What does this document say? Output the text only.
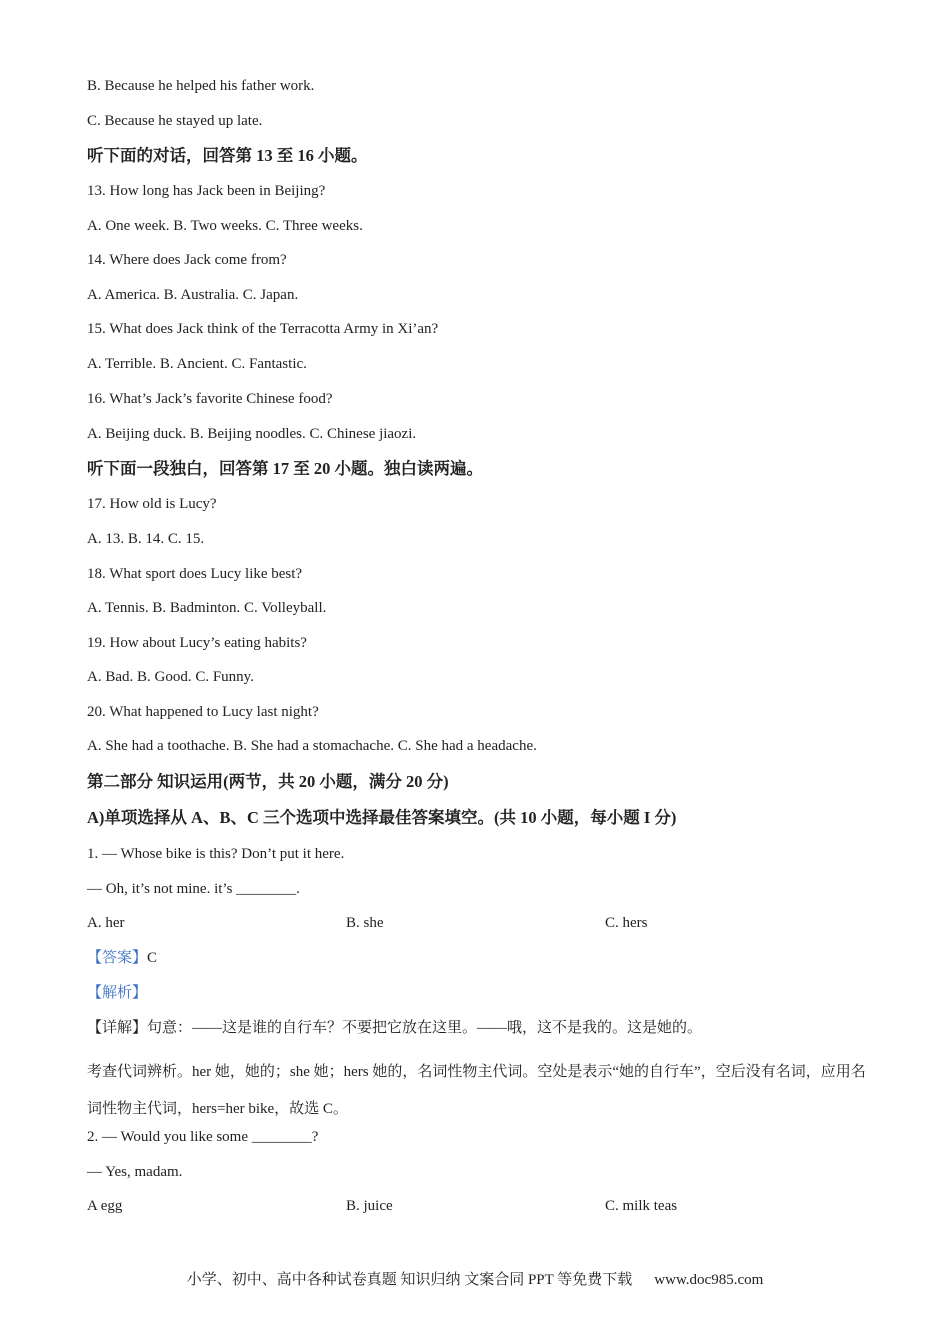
B. Because he helped his father work.
C. Because he stayed up late.
听下面的对话，回答第 13 至 16 小题。
13. How long has Jack been in Beijing?
A. One week. B. Two weeks. C. Three weeks.
14. Where does Jack come from?
A. America. B. Australia. C. Japan.
15. What does Jack think of the Terracotta Army in Xi’an?
A. Terrible. B. Ancient. C. Fantastic.
16. What’s Jack’s favorite Chinese food?
A. Beijing duck. B. Beijing noodles. C. Chinese jiaozi.
听下面一段独白，回答第 17 至 20 小题。独白读两遍。
17. How old is Lucy?
A. 13. B. 14. C. 15.
18. What sport does Lucy like best?
A. Tennis. B. Badminton. C. Volleyball.
19. How about Lucy’s eating habits?
A. Bad. B. Good. C. Funny.
20. What happened to Lucy last night?
A. She had a toothache. B. She had a stomachache. C. She had a headache.
第二部分 知识运用(两节，共 20 小题，满分 20 分)
A)单项选择从 A、B、C 三个选项中选择最佳答案填空。(共 10 小题，每小题 I 分)
1. — Whose bike is this? Don’t put it here.
— Oh, it’s not mine. it’s ________.
A. her	B. she	C. hers
【答案】C
【解析】
【详解】句意：——这是谁的自行车？不要把它放在这里。——哦，这不是我的。这是她的。
考查代词辨析。her 她，她的；she 她；hers 她的，名词性物主代词。空处是表示“她的自行车”，空后没有名词，应用名词性物主代词，hers=her bike，故选 C。
2. — Would you like some ________?
— Yes, madam.
A egg	B. juice	C. milk teas
小学、初中、高中各种试卷真题 知识归纳 文案合同 PPT 等免费下载 www.doc985.com
